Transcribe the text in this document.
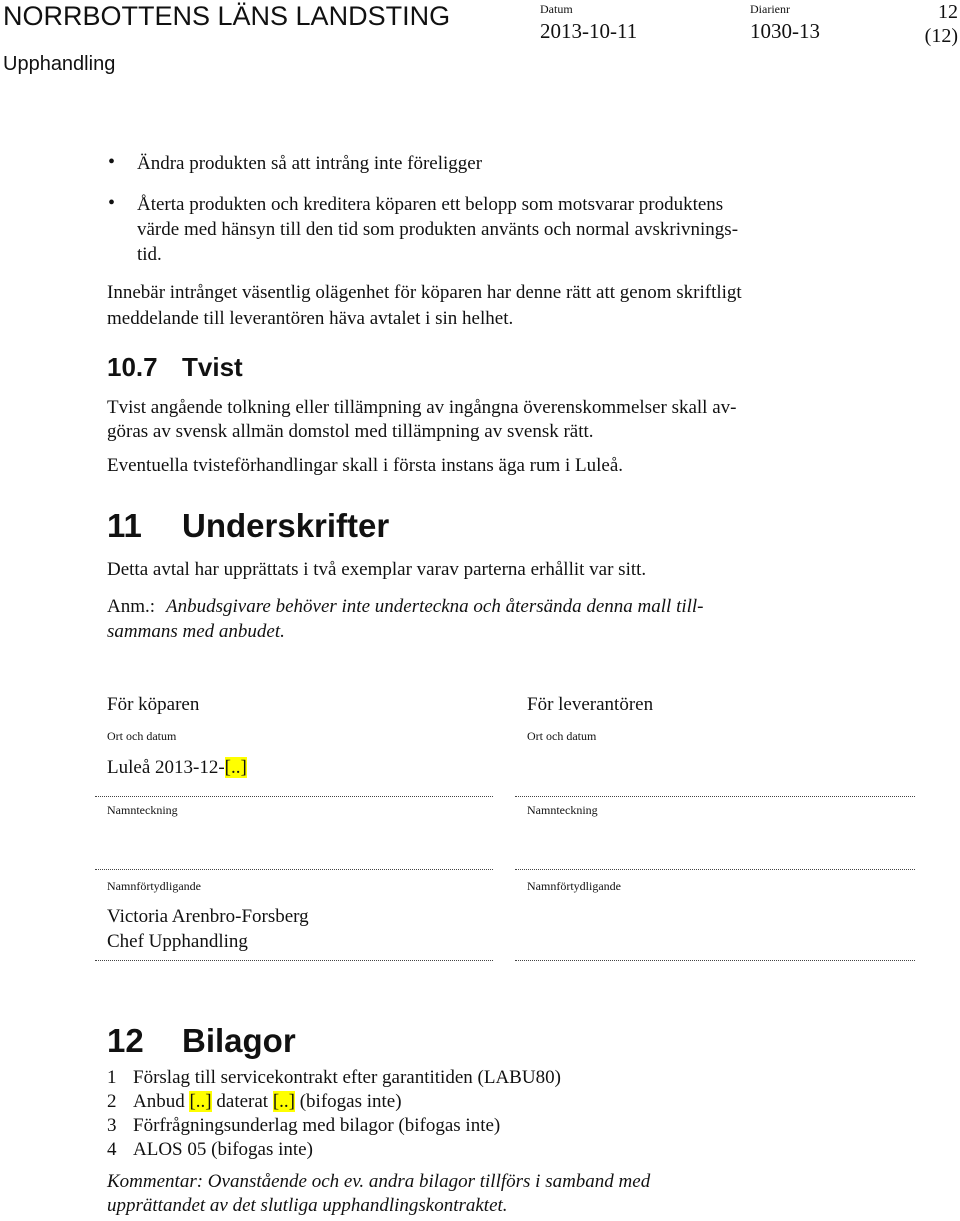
NORRBOTTENS LÄNS LANDSTING
Upphandling
Datum
2013-10-11
Diarienr
1030-13
12
(12)
• Ändra produkten så att intrång inte föreligger
• Återta produkten och kreditera köparen ett belopp som motsvarar produktens
värde med hänsyn till den tid som produkten använts och normal avskrivnings-
tid.
Innebär intrånget väsentlig olägenhet för köparen har denne rätt att genom skriftligt
meddelande till leverantören häva avtalet i sin helhet.
10.7 Tvist
Tvist angående tolkning eller tillämpning av ingångna överenskommelser skall av-
göras av svensk allmän domstol med tillämpning av svensk rätt.
Eventuella tvisteförhandlingar skall i första instans äga rum i Luleå.
11 Underskrifter
Detta avtal har upprättats i två exemplar varav parterna erhållit var sitt.
Anm.: Anbudsgivare behöver inte underteckna och återsända denna mall till-
sammans med anbudet.
För köparen
Ort och datum
Luleå 2013-12-[..]
Namnteckning
Namnförtydligande
Victoria Arenbro-Forsberg
Chef Upphandling
För leverantören
Ort och datum
Namnteckning
Namnförtydligande
12 Bilagor
1 Förslag till servicekontrakt efter garantitiden (LABU80)
2 Anbud [..] daterat [..] (bifogas inte)
3 Förfrågningsunderlag med bilagor (bifogas inte)
4 ALOS 05 (bifogas inte)
Kommentar: Ovanstående och ev. andra bilagor tillförs i samband med
upprättandet av det slutliga upphandlingskontraktet.
